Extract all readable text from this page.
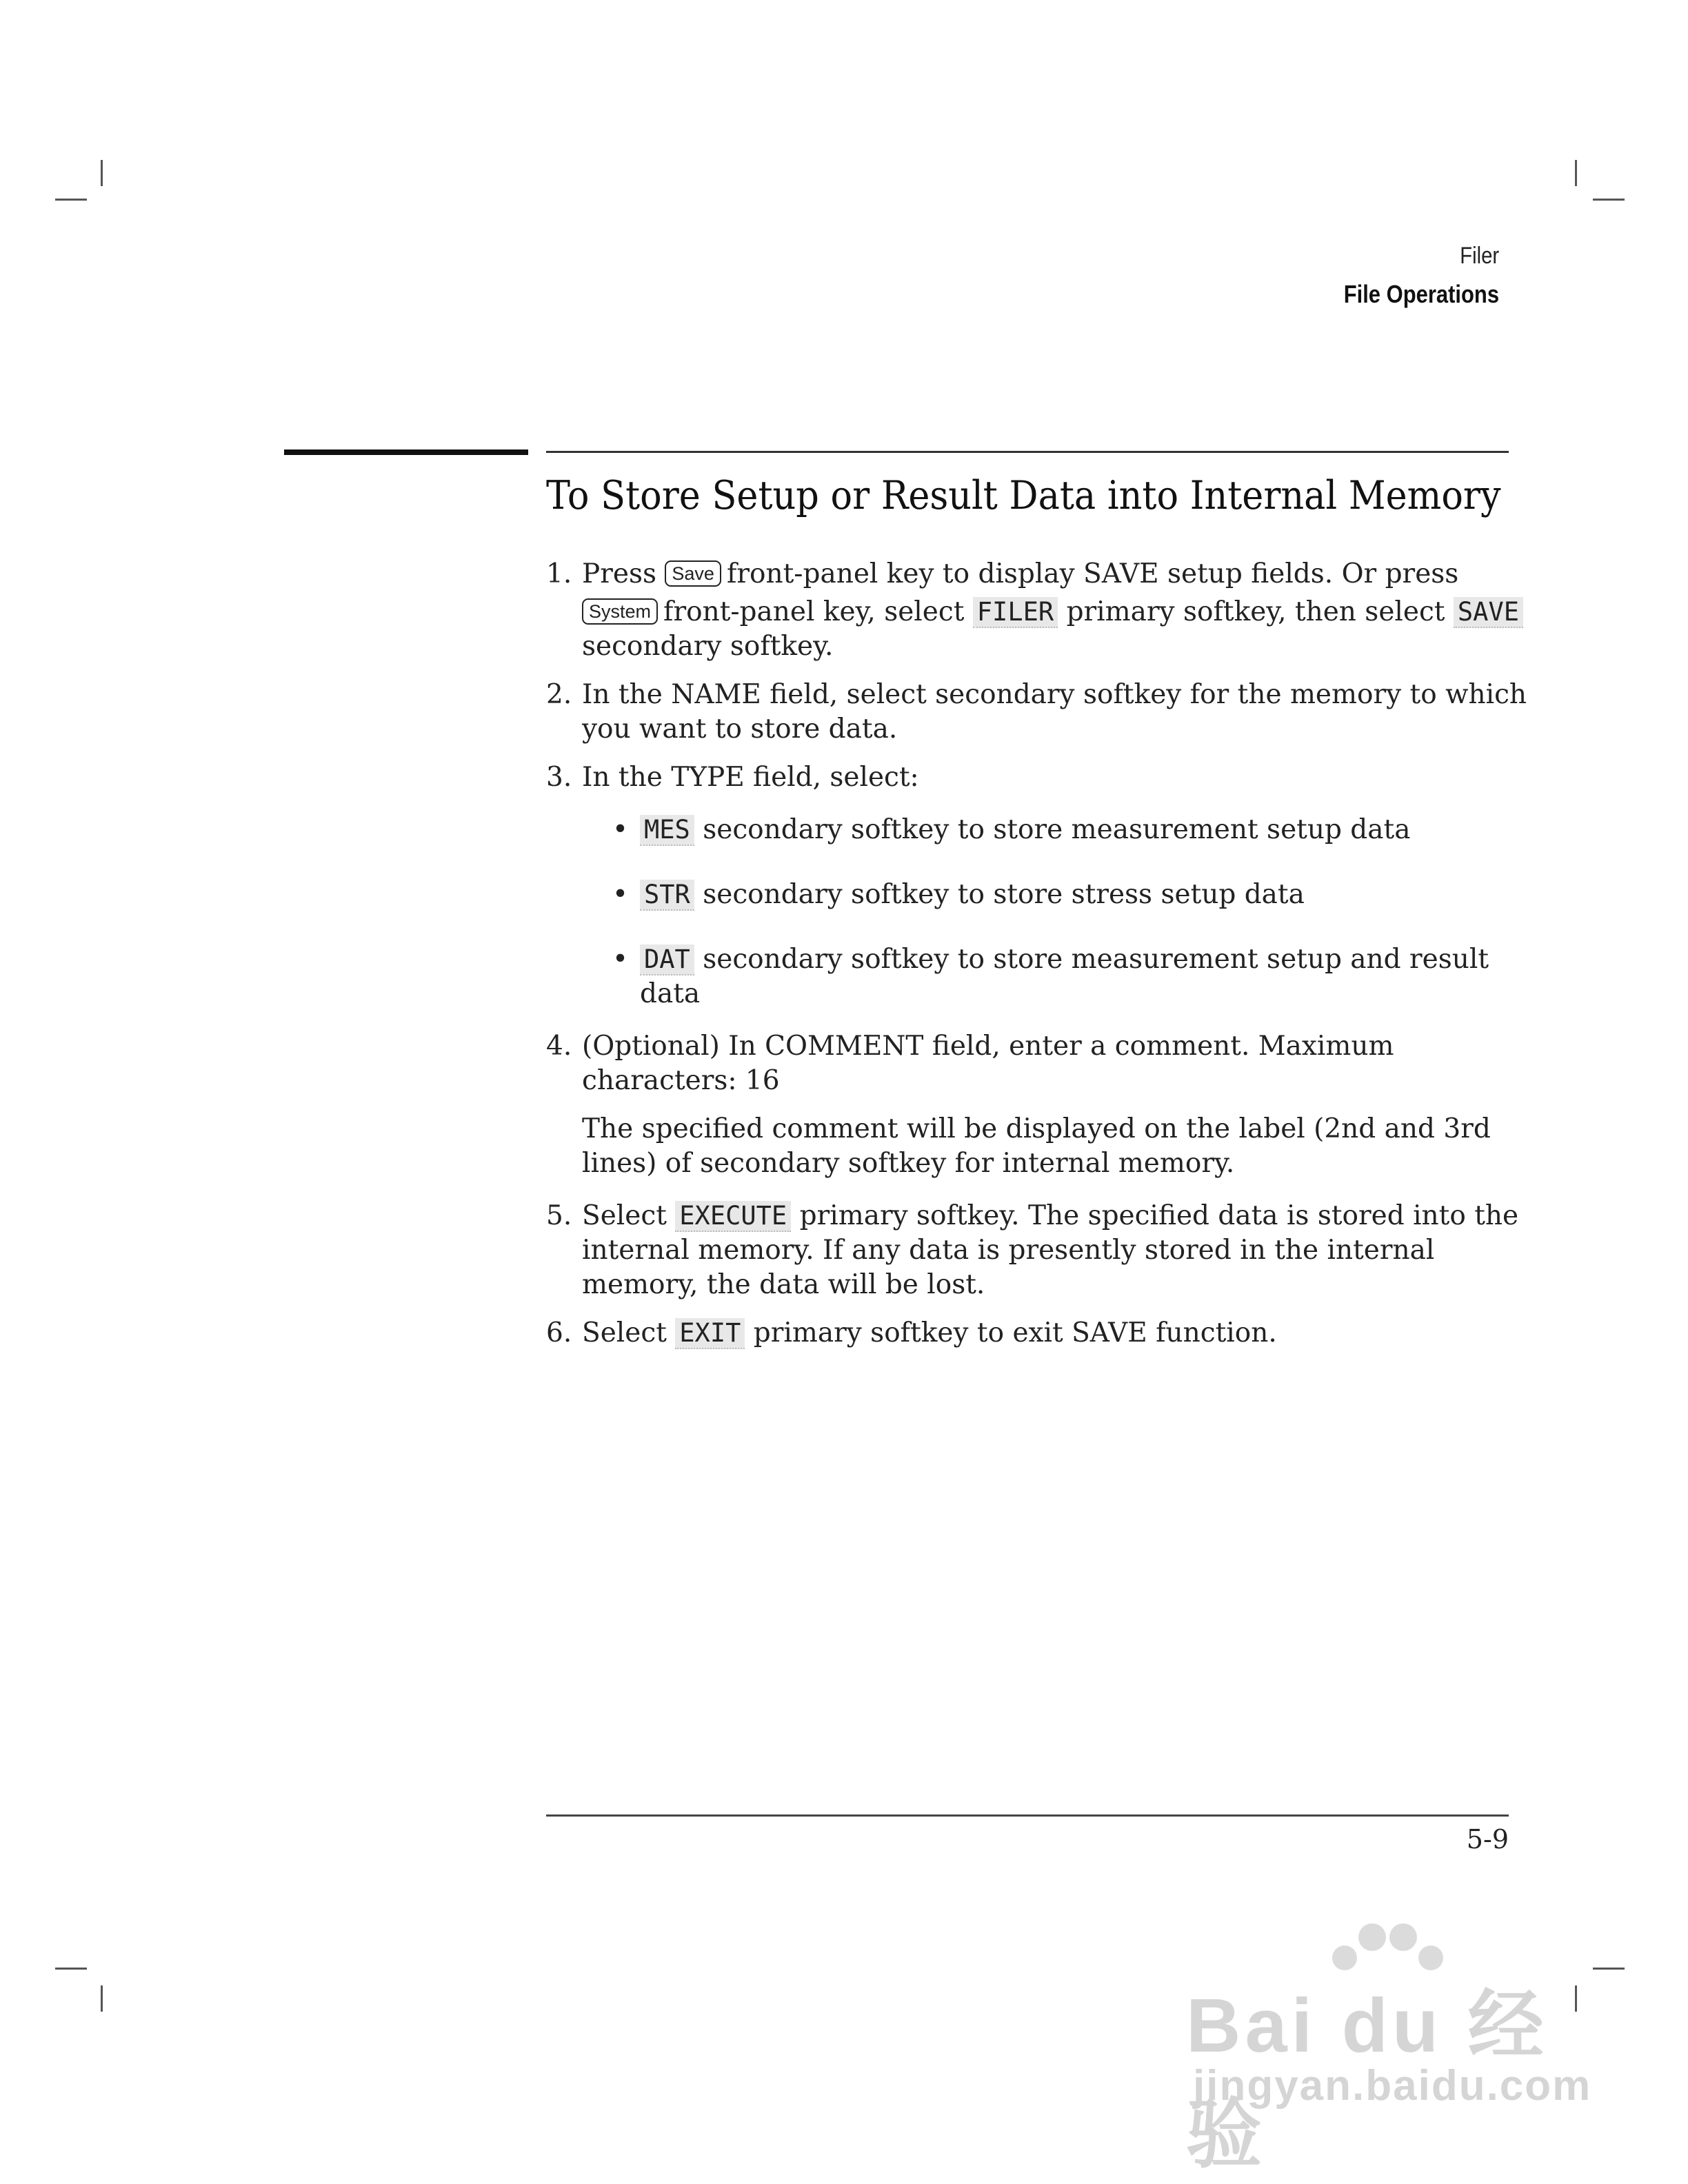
Filer
File Operations
To Store Setup or Result Data into Internal Memory
1. Press Save front-panel key to display SAVE setup fields. Or press
System front-panel key, select FILER primary softkey, then select SAVE
secondary softkey.
2. In the NAME field, select secondary softkey for the memory to which you want to store data.
3. In the TYPE field, select:
• MES secondary softkey to store measurement setup data
• STR secondary softkey to store stress setup data
• DAT secondary softkey to store measurement setup and result data
4. (Optional) In COMMENT field, enter a comment. Maximum characters: 16
The specified comment will be displayed on the label (2nd and 3rd lines) of secondary softkey for internal memory.
5. Select EXECUTE primary softkey. The specified data is stored into the internal memory. If any data is presently stored in the internal memory, the data will be lost.
6. Select EXIT primary softkey to exit SAVE function.
5-9
Bai du 经验
jingyan.baidu.com
